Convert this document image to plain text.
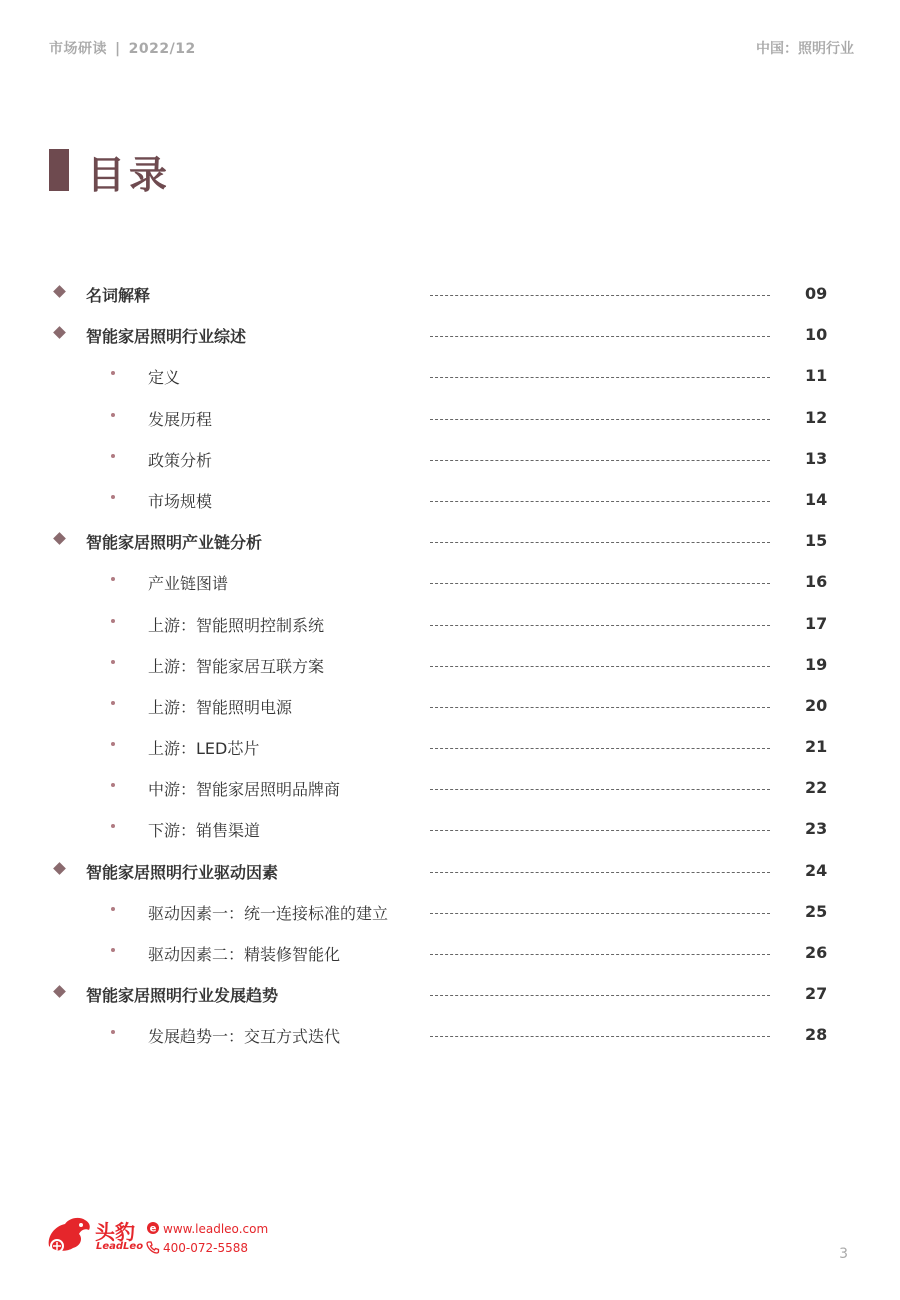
市场研读 | 2022/12	中国：照明行业
目录
名词解释	09
智能家居照明行业综述	10
定义	11
发展历程	12
政策分析	13
市场规模	14
智能家居照明产业链分析	15
产业链图谱	16
上游：智能照明控制系统	17
上游：智能家居互联方案	19
上游：智能照明电源	20
上游：LED芯片	21
中游：智能家居照明品牌商	22
下游：销售渠道	23
智能家居照明行业驱动因素	24
驱动因素一：统一连接标准的建立	25
驱动因素二：精装修智能化	26
智能家居照明行业发展趋势	27
发展趋势一：交互方式迭代	28
头豹
LeadLeo
e www.leadleo.com
400-072-5588	3
